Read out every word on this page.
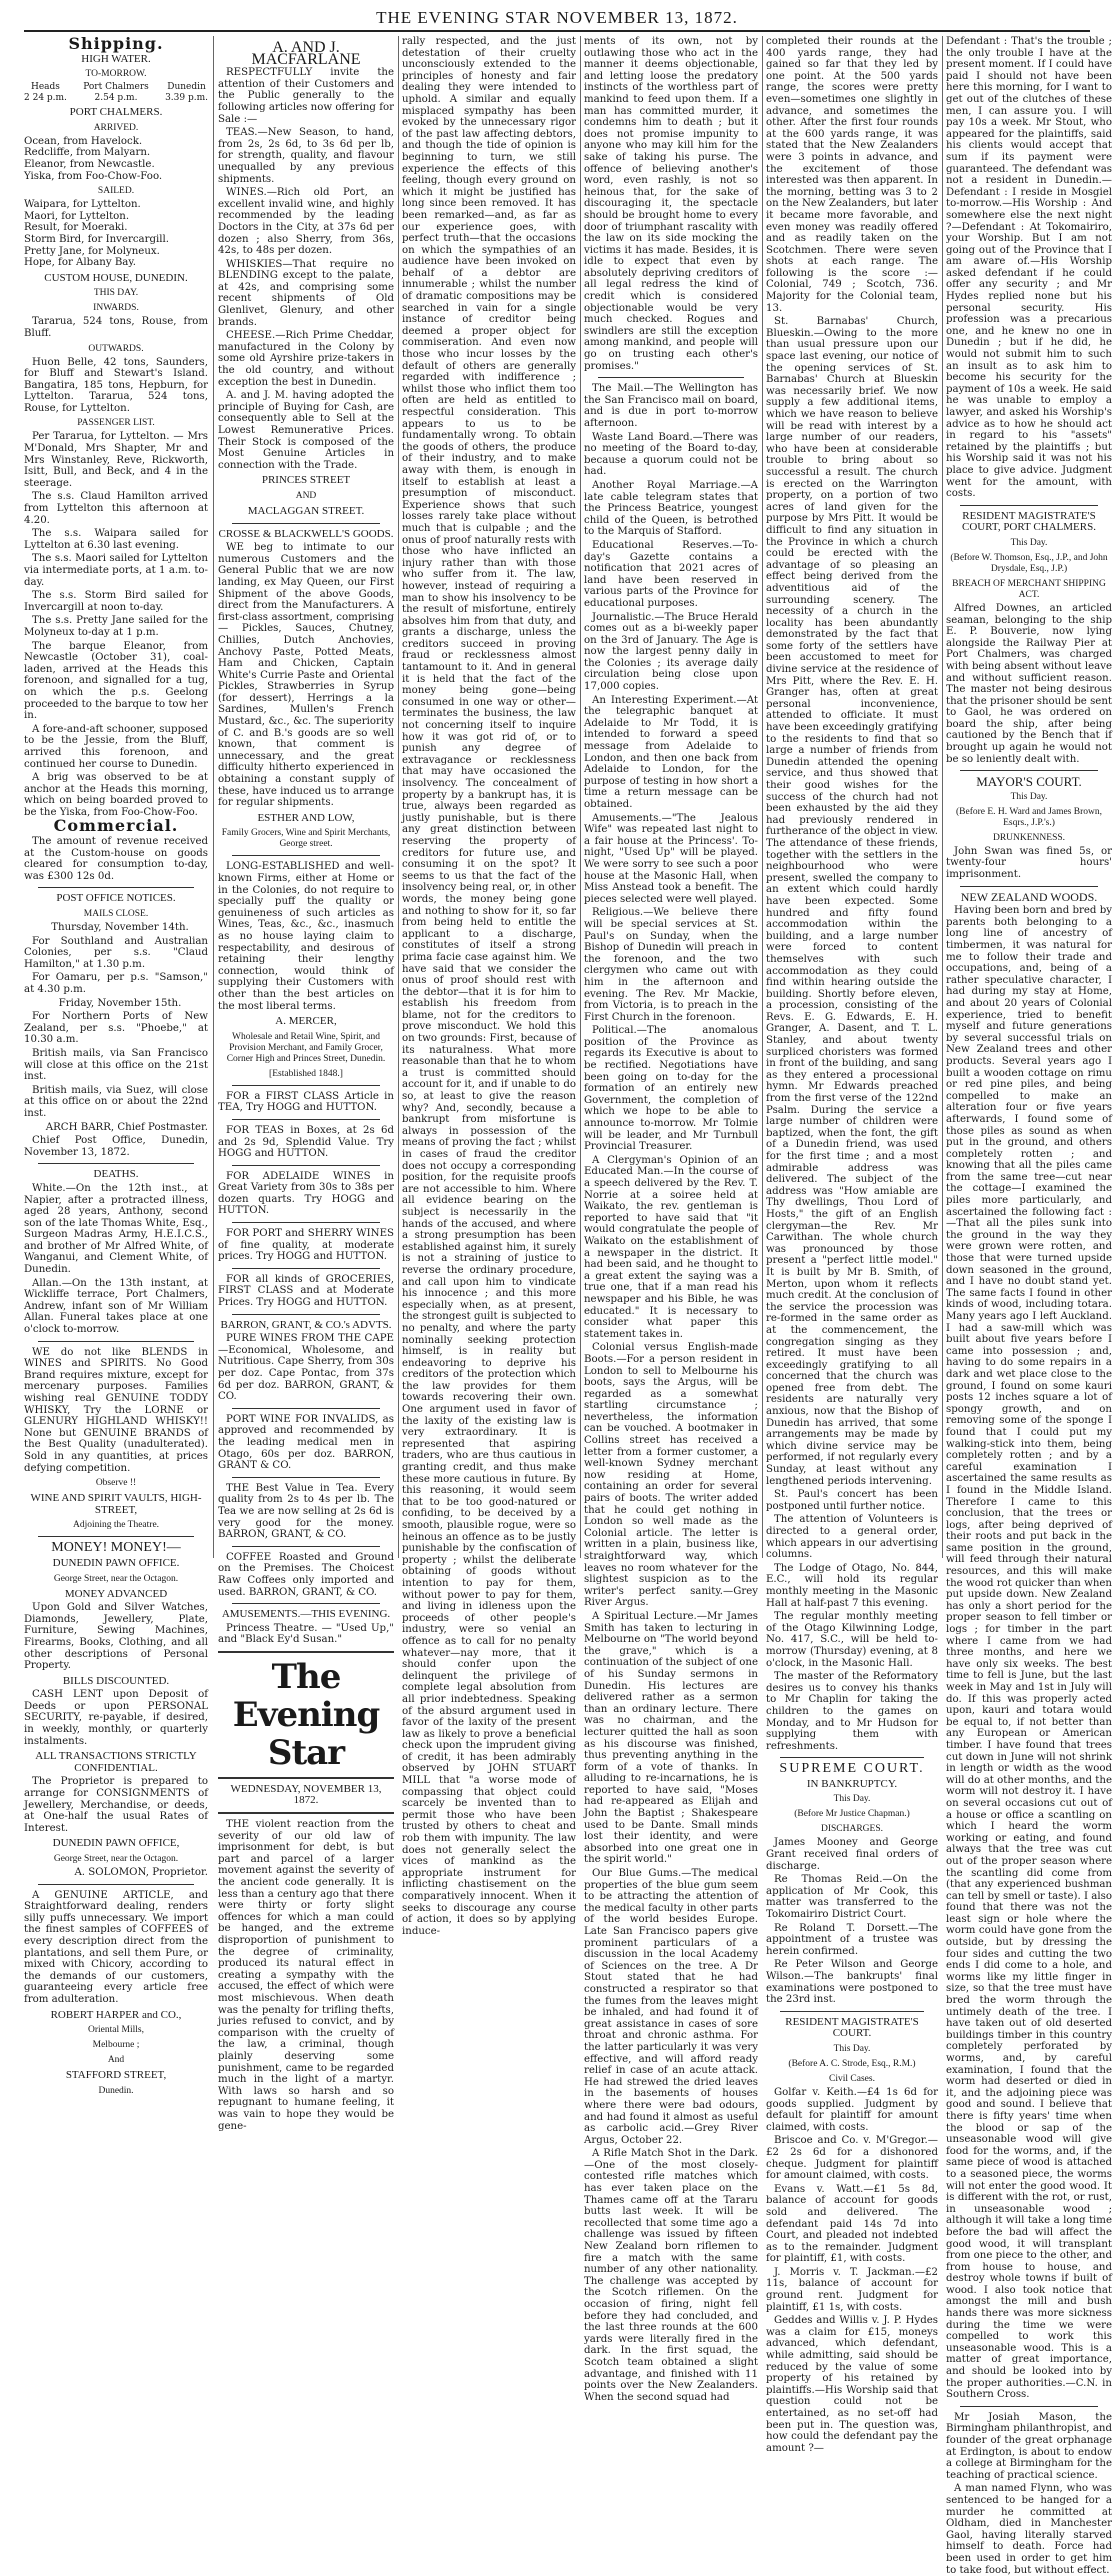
THE EVENING STAR NOVEMBER 13, 1872.
Shipping.
HIGH WATER.
TO-MORROW.
Heads
2 24 p.m.
Port Chalmers
2.54 p.m.
Dunedin
3.39 p.m.
PORT CHALMERS.
ARRIVED.
Ocean, from Havelock.
Redcliffe, from Malyarn.
Eleanor, from Newcastle.
Yiska, from Foo-Chow-Foo.
SAILED.
Waipara, for Lyttelton.
Maori, for Lyttelton.
Result, for Moeraki.
Storm Bird, for Invercargill.
Pretty Jane, for Molyneux.
Hope, for Albany Bay.
CUSTOM HOUSE, DUNEDIN.
THIS DAY.
INWARDS.

Tararua, 524 tons, Rouse, from Bluff.

OUTWARDS.

Huon Belle, 42 tons, Saunders, for Bluff and Stewart's Island. Bangatira, 185 tons, Hepburn, for Lyttelton. Tararua, 524 tons, Rouse, for Lyttelton.

PASSENGER LIST.

Per Tararua, for Lyttelton. — Mrs M'Donald, Mrs Shapter, Mr and Mrs Winstanley, Reve, Rickworth, Isitt, Bull, and Beck, and 4 in the steerage.

The s.s. Claud Hamilton arrived from Lyttelton this afternoon at 4.20.

The s.s. Waipara sailed for Lyttelton at 6.30 last evening.

The s.s. Maori sailed for Lyttelton via intermediate ports, at 1 a.m. to-day.

The s.s. Storm Bird sailed for Invercargill at noon to-day.

The s.s. Pretty Jane sailed for the Molyneux to-day at 1 p.m.

The barque Eleanor, from Newcastle (October 31), coal-laden, arrived at the Heads this forenoon, and signalled for a tug, on which the p.s. Geelong proceeded to the barque to tow her in.

A fore-and-aft schooner, supposed to be the Jessie, from the Bluff, arrived this forenoon, and continued her course to Dunedin.

A brig was observed to be at anchor at the Heads this morning, which on being boarded proved to be the Yiska, from Foo-Chow-Foo.

Commercial.

The amount of revenue received at the Custom-house on goods cleared for consumption to-day, was £300 12s 0d.

POST OFFICE NOTICES.
MAILS CLOSE.

Thursday, November 14th.

For Southland and Australian Colonies, per s.s. "Claud Hamilton," at 1.30 p.m.

For Oamaru, per p.s. "Samson," at 4.30 p.m.

Friday, November 15th.

For Northern Ports of New Zealand, per s.s. "Phoebe," at 10.30 a.m.

British mails, via San Francisco will close at this office on the 21st inst.

British mails, via Suez, will close at this office on or about the 22nd inst.

ARCH BARR, Chief Postmaster.

Chief Post Office, Dunedin, November 13, 1872.

DEATHS.

White.—On the 12th inst., at Napier, after a protracted illness, aged 28 years, Anthony, second son of the late Thomas White, Esq., Surgeon Madras Army, H.E.I.C.S., and brother of Mr Alfred White, of Wanganui, and Clement White, of Dunedin.

Allan.—On the 13th instant, at Wickliffe terrace, Port Chalmers, Andrew, infant son of Mr William Allan. Funeral takes place at one o'clock to-morrow.

WE do not like BLENDS in WINES and SPIRITS. No Good Brand requires mixture, except for mercenary purposes. Families wishing real GENUINE TODDY WHISKY, Try the LORNE or GLENURY HIGHLAND WHISKY!! None but GENUINE BRANDS of the Best Quality (unadulterated). Sold in any quantities, at prices defying competition.

Observe !!
WINE AND SPIRIT VAULTS, HIGH-STREET,
Adjoining the Theatre.
MONEY! MONEY!—
DUNEDIN PAWN OFFICE.
George Street, near the Octagon.
MONEY ADVANCED

Upon Gold and Silver Watches, Diamonds, Jewellery, Plate, Furniture, Sewing Machines, Firearms, Books, Clothing, and all other descriptions of Personal Property.

BILLS DISCOUNTED.

CASH LENT upon Deposit of Deeds or upon PERSONAL SECURITY, re-payable, if desired, in weekly, monthly, or quarterly instalments.

ALL TRANSACTIONS STRICTLY CONFIDENTIAL.

The Proprietor is prepared to arrange for CONSIGNMENTS of Jewellery, Merchandise, or deeds, at One-half the usual Rates of Interest.

DUNEDIN PAWN OFFICE,
George Street, near the Octagon.
A. SOLOMON, Proprietor.

A GENUINE ARTICLE, and Straightforward dealing, renders silly puffs unnecessary. We import the finest samples of COFFEES of every description direct from the plantations, and sell them Pure, or mixed with Chicory, according to the demands of our customers, guaranteeing every article free from adulteration.

ROBERT HARPER and CO.,
Oriental Mills,
Melbourne ;
And
STAFFORD STREET,
Dunedin.
A. AND J. MACFARLANE

RESPECTFULLY invite the attention of their Customers and the Public generally to the following articles now offering for Sale :—

TEAS.—New Season, to hand, from 2s, 2s 6d, to 3s 6d per lb, for strength, quality, and flavour unequalled by any previous shipments.

WINES.—Rich old Port, an excellent invalid wine, and highly recommended by the leading Doctors in the City, at 37s 6d per dozen ; also Sherry, from 36s, 42s, to 48s per dozen.

WHISKIES—That require no BLENDING except to the palate, at 42s, and comprising some recent shipments of Old Glenlivet, Glenury, and other brands.

CHEESE.—Rich Prime Cheddar, manufactured in the Colony by some old Ayrshire prize-takers in the old country, and without exception the best in Dunedin.

A. and J. M. having adopted the principle of Buying for Cash, are consequently able to Sell at the Lowest Remunerative Prices. Their Stock is composed of the Most Genuine Articles in connection with the Trade.

PRINCES STREET
AND
MACLAGGAN STREET.
CROSSE & BLACKWELL'S GOODS.

WE beg to intimate to our numerous Customers and the General Public that we are now landing, ex May Queen, our First Shipment of the above Goods, direct from the Manufacturers. A first-class assortment, comprising— Pickles, Sauces, Chutney, Chillies, Dutch Anchovies, Anchovy Paste, Potted Meats, Ham and Chicken, Captain White's Currie Paste and Oriental Pickles, Strawberries in Syrup (for dessert), Herrings a la Sardines, Mullen's French Mustard, &c., &c. The superiority of C. and B.'s goods are so well known, that comment is unnecessary, and the great difficulty hitherto experienced in obtaining a constant supply of these, have induced us to arrange for regular shipments.

ESTHER AND LOW,
Family Grocers, Wine and Spirit Merchants, George street.

LONG-ESTABLISHED and well-known Firms, either at Home or in the Colonies, do not require to specially puff the quality or genuineness of such articles as Wines, Teas, &c., &c., inasmuch as no house laying claim to respectability, and desirous of retaining their lengthy connection, would think of supplying their Customers with other than the best articles on the most liberal terms.

A. MERCER,
Wholesale and Retail Wine, Spirit, and Provision Merchant, and Family Grocer, Corner High and Princes Street, Dunedin.
[Established 1848.]

FOR a FIRST CLASS Article in TEA, Try HOGG and HUTTON.

FOR TEAS in Boxes, at 2s 6d and 2s 9d, Splendid Value. Try HOGG and HUTTON.

FOR ADELAIDE WINES in Great Variety from 30s to 38s per dozen quarts. Try HOGG and HUTTON.

FOR PORT and SHERRY WINES of fine quality, at moderate prices. Try HOGG and HUTTON.

FOR all kinds of GROCERIES, FIRST CLASS and at Moderate Prices. Try HOGG and HUTTON.

BARRON, GRANT, & CO.'s ADVTS.

PURE WINES FROM THE CAPE—Economical, Wholesome, and Nutritious. Cape Sherry, from 30s per doz. Cape Pontac, from 37s 6d per doz. BARRON, GRANT, & CO.

PORT WINE FOR INVALIDS, as approved and recommended by the leading medical men in Otago, 60s per doz. BARRON, GRANT & CO.

THE Best Value in Tea. Every quality from 2s to 4s per lb. The Tea we are now selling at 2s 6d is very good for the money. BARRON, GRANT, & CO.

COFFEE Roasted and Ground on the Premises. The Choicest Raw Coffees only imported and used. BARRON, GRANT, & CO.

AMUSEMENTS.—THIS EVENING.

Princess Theatre. — "Used Up," and "Black Ey'd Susan."

The Evening Star
WEDNESDAY, NOVEMBER 13, 1872.

THE violent reaction from the severity of our old law of imprisonment for debt, is but part and parcel of a larger movement against the severity of the ancient code generally. It is less than a century ago that there were thirty or forty slight offences for which a man could be hanged, and the extreme disproportion of punishment to the degree of criminality, produced its natural effect in creating a sympathy with the accused, the effect of which were most mischievous. When death was the penalty for trifling thefts, juries refused to convict, and by comparison with the cruelty of the law, a criminal, though plainly deserving some punishment, came to be regarded much in the light of a martyr. With laws so harsh and so repugnant to humane feeling, it was vain to hope they would be gene-

rally respected, and the just detestation of their cruelty unconsciously extended to the principles of honesty and fair dealing they were intended to uphold. A similar and equally misplaced sympathy has been evoked by the unnecessary rigor of the past law affecting debtors, and though the tide of opinion is beginning to turn, we still experience the effects of this feeling, though every ground on which it might be justified has long since been removed. It has been remarked—and, as far as our experience goes, with perfect truth—that the occasions on which the sympathies of an audience have been invoked on behalf of a debtor are innumerable ; whilst the number of dramatic compositions may be searched in vain for a single instance of creditor being deemed a proper object for commiseration. And even now those who incur losses by the default of others are generally regarded with indifference ; whilst those who inflict them too often are held as entitled to respectful consideration. This appears to us to be fundamentally wrong. To obtain the goods of others, the produce of their industry, and to make away with them, is enough in itself to establish at least a presumption of misconduct. Experience shows that such losses rarely take place without much that is culpable ; and the onus of proof naturally rests with those who have inflicted an injury rather than with those who suffer from it. The law, however, instead of requiring a man to show his insolvency to be the result of misfortune, entirely absolves him from that duty, and grants a discharge, unless the creditors succeed in proving fraud or recklessness almost tantamount to it. And in general it is held that the fact of the money being gone—being consumed in one way or other—terminates the business, the law not concerning itself to inquire how it was got rid of, or to punish any degree of extravagance or recklessness that may have occasioned the insolvency. The concealment of property by a bankrupt has, it is true, always been regarded as justly punishable, but is there any great distinction between reserving the property of creditors for future use, and consuming it on the spot? It seems to us that the fact of the insolvency being real, or, in other words, the money being gone and nothing to show for it, so far from being held to entitle the applicant to a discharge, constitutes of itself a strong prima facie case against him. We have said that we consider the onus of proof should rest with the debtor—that it is for him to establish his freedom from blame, not for the creditors to prove misconduct. We hold this on two grounds: First, because of its naturalness. What more reasonable than that he to whom a trust is committed should account for it, and if unable to do so, at least to give the reason why? And, secondly, because a bankrupt from misfortune is always in possession of the means of proving the fact ; whilst in cases of fraud the creditor does not occupy a corresponding position, for the requisite proofs are not accessible to him. Where all evidence bearing on the subject is necessarily in the hands of the accused, and where a strong presumption has been established against him, it surely is not a straining of justice to reverse the ordinary procedure, and call upon him to vindicate his innocence ; and this more especially when, as at present, the strongest guilt is subjected to no penalty, and where the party nominally seeking protection himself, is in reality but endeavoring to deprive his creditors of the protection which the law provides for them towards recovering their own. One argument used in favor of the laxity of the existing law is very extraordinary. It is represented that aspiring traders, who are thus cautious in granting credit, and thus make these more cautious in future. By this reasoning, it would seem that to be too good-natured or confiding, to be deceived by a smooth, plausible rogue, were so heinous an offence as to be justly punishable by the confiscation of property ; whilst the deliberate obtaining of goods without intention to pay for them, without power to pay for them, and living in idleness upon the proceeds of other people's industry, were so venial an offence as to call for no penalty whatever—nay more, that it should confer upon the delinquent the privilege of complete legal absolution from all prior indebtedness. Speaking of the absurd argument used in favor of the laxity of the present law as likely to prove a beneficial check upon the imprudent giving of credit, it has been admirably observed by JOHN STUART MILL that "a worse mode of compassing that object could scarcely be invented than to permit those who have been trusted by others to cheat and rob them with impunity. The law does not generally select the vices of mankind as the appropriate instrument for inflicting chastisement on the comparatively innocent. When it seeks to discourage any course of action, it does so by applying induce-

ments of its own, not by outlawing those who act in the manner it deems objectionable, and letting loose the predatory instincts of the worthless part of mankind to feed upon them. If a man has committed murder, it condemns him to death ; but it does not promise impunity to anyone who may kill him for the sake of taking his purse. The offence of believing another's word, even rashly, is not so heinous that, for the sake of discouraging it, the spectacle should be brought home to every door of triumphant rascality with the law on its side mocking the victims it has made. Besides, it is idle to expect that even by absolutely depriving creditors of all legal redress the kind of credit which is considered objectionable would be very much checked. Rogues and swindlers are still the exception among mankind, and people will go on trusting each other's promises."

The Mail.—The Wellington has the San Francisco mail on board, and is due in port to-morrow afternoon.

Waste Land Board.—There was no meeting of the Board to-day, because a quorum could not be had.

Another Royal Marriage.—A late cable telegram states that the Princess Beatrice, youngest child of the Queen, is betrothed to the Marquis of Stafford.

Educational Reserves.—To-day's Gazette contains a notification that 2021 acres of land have been reserved in various parts of the Province for educational purposes.

Journalistic.—The Bruce Herald comes out as a bi-weekly paper on the 3rd of January. The Age is now the largest penny daily in the Colonies ; its average daily circulation being close upon 17,000 copies.

An Interesting Experiment.—At the telegraphic banquet at Adelaide to Mr Todd, it is intended to forward a speed message from Adelaide to London, and then one back from Adelaide to London, for the purpose of testing in how short a time a return message can be obtained.

Amusements.—"The Jealous Wife" was repeated last night to a fair house at the Princess'. To-night, "Used Up" will be played. We were sorry to see such a poor house at the Masonic Hall, when Miss Anstead took a benefit. The pieces selected were well played.

Religious.—We believe there will be special services at St. Paul's on Sunday, when the Bishop of Dunedin will preach in the forenoon, and the two clergymen who came out with him in the afternoon and evening. The Rev. Mr Mackie, from Victoria, is to preach in the First Church in the forenoon.

Political.—The anomalous position of the Province as regards its Executive is about to be rectified. Negotiations have been going on to-day for the formation of an entirely new Government, the completion of which we hope to be able to announce to-morrow. Mr Tolmie will be leader, and Mr Turnbull Provincial Treasurer.

A Clergyman's Opinion of an Educated Man.—In the course of a speech delivered by the Rev. T. Norrie at a soiree held at Waikato, the rev. gentleman is reported to have said that "it would congratulate the people of Waikato on the establishment of a newspaper in the district. It had been said, and he thought to a great extent the saying was a true one, that if a man read his newspaper and his Bible, he was educated." It is necessary to consider what paper this statement takes in.

Colonial versus English-made Boots.—For a person resident in London to sell to Melbourne his boots, says the Argus, will be regarded as a somewhat startling circumstance ; nevertheless, the information can be vouched. A bootmaker in Collins street has received a letter from a former customer, a well-known Sydney merchant now residing at Home, containing an order for several pairs of boots. The writer added that he could get nothing in London so well made as the Colonial article. The letter is written in a plain, business like, straightforward way, which leaves no room whatever for the slightest suspicion as to the writer's perfect sanity.—Grey River Argus.

A Spiritual Lecture.—Mr James Smith has taken to lecturing in Melbourne on "The world beyond the grave," which is a continuation of the subject of one of his Sunday sermons in Dunedin. His lectures are delivered rather as a sermon than an ordinary lecture. There was no chairman, and the lecturer quitted the hall as soon as his discourse was finished, thus preventing anything in the form of a vote of thanks. In alluding to re-incarnations, he is reported to have said, "Moses had re-appeared as Elijah and John the Baptist ; Shakespeare used to be Dante. Small minds lost their identity, and were absorbed into one great one in the spirit world."

Our Blue Gums.—The medical properties of the blue gum seem to be attracting the attention of the medical faculty in other parts of the world besides Europe. Late San Francisco papers give prominent particulars of a discussion in the local Academy of Sciences on the tree. A Dr Stout stated that he had constructed a respirator so that the fumes from the leaves might be inhaled, and had found it of great assistance in cases of sore throat and chronic asthma. For the latter particularly it was very effective, and will afford ready relief in case of an acute attack. He had strewed the dried leaves in the basements of houses where there were bad odours, and had found it almost as useful as carbolic acid.—Grey River Argus, October 22.

A Rifle Match Shot in the Dark.—One of the most closely-contested rifle matches which has ever taken place on the Thames came off at the Tararu butts last week. It will be recollected that some time ago a challenge was issued by fifteen New Zealand born riflemen to fire a match with the same number of any other nationality. The challenge was accepted by the Scotch riflemen. On the occasion of firing, night fell before they had concluded, and the last three rounds at the 600 yards were literally fired in the dark. In the first squad, the Scotch team obtained a slight advantage, and finished with 11 points over the New Zealanders. When the second squad had

completed their rounds at the 400 yards range, they had gained so far that they led by one point. At the 500 yards range, the scores were pretty even—sometimes one slightly in advance, and sometimes the other. After the first four rounds at the 600 yards range, it was stated that the New Zealanders were 3 points in advance, and the excitement of those interested was then apparent. In the morning, betting was 3 to 2 on the New Zealanders, but later it became more favorable, and even money was readily offered and as readily taken on the Scotchmen. There were seven shots at each range. The following is the score :—Colonial, 749 ; Scotch, 736. Majority for the Colonial team, 13.

St. Barnabas' Church, Blueskin.—Owing to the more than usual pressure upon our space last evening, our notice of the opening services of St. Barnabas' Church at Blueskin was necessarily brief. We now supply a few additional items, which we have reason to believe will be read with interest by a large number of our readers, who have been at considerable trouble to bring about so successful a result. The church is erected on the Warrington property, on a portion of two acres of land given for the purpose by Mrs Pitt. It would be difficult to find any situation in the Province in which a church could be erected with the advantage of so pleasing an effect being derived from the adventitious aid of the surrounding scenery. The necessity of a church in the locality has been abundantly demonstrated by the fact that some forty of the settlers have been accustomed to meet for divine service at the residence of Mrs Pitt, where the Rev. E. H. Granger has, often at great personal inconvenience, attended to officiate. It must have been exceedingly gratifying to the residents to find that so large a number of friends from Dunedin attended the opening service, and thus showed that their good wishes for the success of the church had not been exhausted by the aid they had previously rendered in furtherance of the object in view. The attendance of these friends, together with the settlers in the neighbourhood who were present, swelled the company to an extent which could hardly have been expected. Some hundred and fifty found accommodation within the building, and a large number were forced to content themselves with such accommodation as they could find within hearing outside the building. Shortly before eleven, a procession, consisting of the Revs. E. G. Edwards, E. H. Granger, A. Dasent, and T. L. Stanley, and about twenty surpliced choristers was formed in front of the building, and sang as they entered a processional hymn. Mr Edwards preached from the first verse of the 122nd Psalm. During the service a large number of children were baptized, when the font, the gift of a Dunedin friend, was used for the first time ; and a most admirable address was delivered. The subject of the address was "How amiable are Thy dwellings, Thou Lord of Hosts," the gift of an English clergyman—the Rev. Mr Carwithan. The whole church was pronounced by those present a "perfect little model." It is built by Mr B. Smith, of Merton, upon whom it reflects much credit. At the conclusion of the service the procession was re-formed in the same order as at the commencement, the congregation singing as they retired. It must have been exceedingly gratifying to all concerned that the church was opened free from debt. The residents are naturally very anxious, now that the Bishop of Dunedin has arrived, that some arrangements may be made by which divine service may be performed, if not regularly every Sunday, at least without any lengthened periods intervening.

St. Paul's concert has been postponed until further notice.

The attention of Volunteers is directed to a general order, which appears in our advertising columns.

The Lodge of Otago, No. 844, E.C., will hold its regular monthly meeting in the Masonic Hall at half-past 7 this evening.

The regular monthly meeting of the Otago Kilwinning Lodge, No. 417, S.C., will be held to-morrow (Thursday) evening, at 8 o'clock, in the Masonic Hall.

The master of the Reformatory desires us to convey his thanks to Mr Chaplin for taking the children to the games on Monday, and to Mr Hudson for supplying them with refreshments.

SUPREME COURT.
IN BANKRUPTCY.
This Day.
(Before Mr Justice Chapman.)
DISCHARGES.

James Mooney and George Grant received final orders of discharge.

Re Thomas Reid.—On the application of Mr Cook, this matter was transferred to the Tokomairiro District Court.

Re Roland T. Dorsett.—The appointment of a trustee was herein confirmed.

Re Peter Wilson and George Wilson.—The bankrupts' final examinations were postponed to the 23rd inst.

RESIDENT MAGISTRATE'S COURT.
This Day.
(Before A. C. Strode, Esq., R.M.)
Civil Cases.

Golfar v. Keith.—£4 1s 6d for goods supplied. Judgment by default for plaintiff for amount claimed, with costs.

Briscoe and Co. v. M'Gregor.—£2 2s 6d for a dishonored cheque. Judgment for plaintiff for amount claimed, with costs.

Evans v. Watt.—£1 5s 8d, balance of account for goods sold and delivered. The defendant paid 14s 7d into Court, and pleaded not indebted as to the remainder. Judgment for plaintiff, £1, with costs.

J. Morris v. T. Jackman.—£2 11s, balance of account for ground rent. Judgment for plaintiff, £1 1s, with costs.

Geddes and Willis v. J. P. Hydes was a claim for £15, moneys advanced, which defendant, while admitting, said should be reduced by the value of some property of his retained by plaintiffs.—His Worship said that question could not be entertained, as no set-off had been put in. The question was, how could the defendant pay the amount ?—

Defendant : That's the trouble ; the only trouble I have at the present moment. If I could have paid I should not have been here this morning, for I want to get out of the clutches of these men, I can assure you. I will pay 10s a week. Mr Stout, who appeared for the plaintiffs, said his clients would accept that sum if its payment were guaranteed. The defendant was not a resident in Dunedin.—Defendant : I reside in Mosgiel to-morrow.—His Worship : And somewhere else the next night ?—Defendant : At Tokomairiro, your Worship. But I am not going out of the Province that I am aware of.—His Worship asked defendant if he could offer any security ; and Mr Hydes replied none but his personal security. His profession was a precarious one, and he knew no one in Dunedin ; but if he did, he would not submit him to such an insult as to ask him to become his security for the payment of 10s a week. He said he was unable to employ a lawyer, and asked his Worship's advice as to how he should act in regard to his "assets" retained by the plaintiffs ; but his Worship said it was not his place to give advice. Judgment went for the amount, with costs.

RESIDENT MAGISTRATE'S COURT, PORT CHALMERS.
This Day.
(Before W. Thomson, Esq., J.P., and John Drysdale, Esq., J.P.)
BREACH OF MERCHANT SHIPPING ACT.

Alfred Downes, an articled seaman, belonging to the ship E. P. Bouverie, now lying alongside the Railway Pier at Port Chalmers, was charged with being absent without leave and without sufficient reason. The master not being desirous that the prisoner should be sent to Gaol, he was ordered on board the ship, after being cautioned by the Bench that if brought up again he would not be so leniently dealt with.

MAYOR'S COURT.
This Day.
(Before E. H. Ward and James Brown, Esqrs., J.P.'s.)
DRUNKENNESS.

John Swan was fined 5s, or twenty-four hours' imprisonment.

NEW ZEALAND WOODS.

Having been born and bred by parents both belonging to a long line of ancestry of timbermen, it was natural for me to follow their trade and occupations, and, being of a rather speculative character, I had during my stay at Home, and about 20 years of Colonial experience, tried to benefit myself and future generations by several successful trials on New Zealand trees and other products. Several years ago I built a wooden cottage on rimu or red pine piles, and being compelled to make an alteration four or five years afterwards, I found some of those piles as sound as when put in the ground, and others completely rotten ; and knowing that all the piles came from the same tree—cut near the cottage—I examined the piles more particularly, and ascertained the following fact :—That all the piles sunk into the ground in the way they were grown were rotten, and those that were turned upside down seasoned in the ground, and I have no doubt stand yet. The same facts I found in other kinds of wood, including totara. Many years ago I left Auckland. I had a saw-mill which was built about five years before I came into possession ; and, having to do some repairs in a dark and wet place close to the ground, I found on some kauri posts 12 inches square a lot of spongy growth, and on removing some of the sponge I found that I could put my walking-stick into them, being completely rotten ; and by a careful examination I ascertained the same results as I found in the Middle Island. Therefore I came to this conclusion, that the trees or logs, after being deprived of their roots and put back in the same position in the ground, will feed through their natural resources, and this will make the wood rot quicker than when put upside down. New Zealand has only a short period for the proper season to fell timber or logs ; for timber in the part where I came from we had three months, and here we have only six weeks. The best time to fell is June, but the last week in May and 1st in July will do. If this was properly acted upon, kauri and totara would be equal to, if not better than any European or American timber. I have found that trees cut down in June will not shrink in length or width as the wood will do at other months, and the worm will not destroy it. I have on several occasions cut out of a house or office a scantling on which I heard the worm working or eating, and found always that the tree was cut out of the proper season where the scantling did come from (that any experienced bushman can tell by smell or taste). I also found that there was not the least sign or hole where the worm could have gone from the outside, but by dressing the four sides and cutting the two ends I did come to a hole, and worms like my little finger in size, so that the tree must have bred the worm through the untimely death of the tree. I have taken out of old deserted buildings timber in this country completely perforated by worms, and, by careful examination, I found that the worm had deserted or died in it, and the adjoining piece was good and sound. I believe that there is fifty years' time when the blood or sap of the unseasonable wood will give food for the worms, and, if the same piece of wood is attached to a seasoned piece, the worms will not enter the good wood. It is different with the rot, or rust, in unseasonable wood ; although it will take a long time before the bad will affect the good wood, it will transplant from one piece to the other, and from house to house, and destroy whole towns if built of wood. I also took notice that amongst the mill and bush hands there was more sickness during the time we were compelled to work this unseasonable wood. This is a matter of great importance, and should be looked into by the proper authorities.—C.N. in Southern Cross.

Mr Josiah Mason, the Birmingham philanthropist, and founder of the great orphanage at Erdington, is about to endow a college at Birmingham for the teaching of practical science.

A man named Flynn, who was sentenced to be hanged for a murder he committed at Oldham, died in Manchester Gaol, having literally starved himself to death. Force had been used in order to get him to take food, but without effect.
